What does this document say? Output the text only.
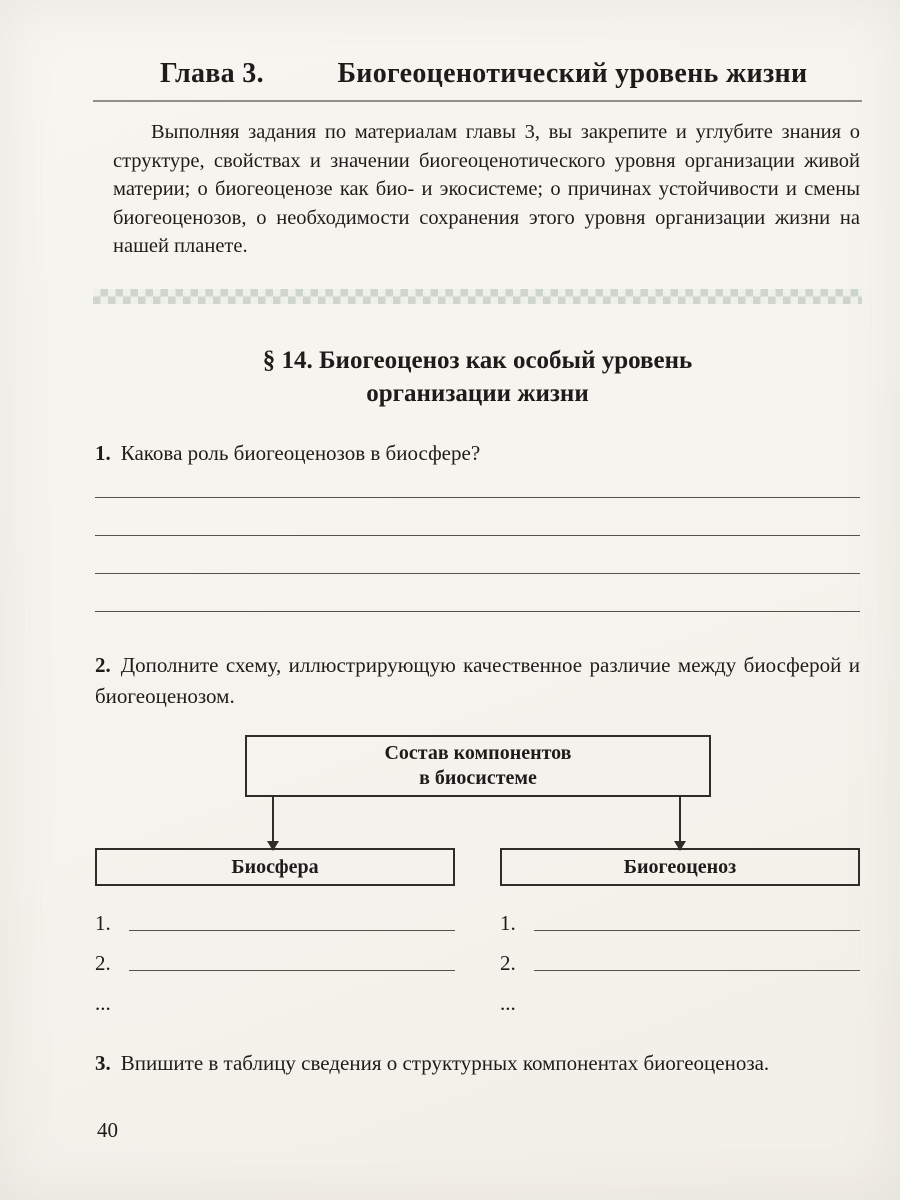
Глава 3.	Биогеоценотический уровень жизни

Выполняя задания по материалам главы 3, вы закрепите и углубите знания о структуре, свойствах и значении биогеоценотического уровня организации живой материи; о биогеоценозе как био- и экосистеме; о причинах устойчивости и смены биогеоценозов, о необходимости сохранения этого уровня организации жизни на нашей планете.

§ 14. Биогеоценоз как особый уровень
организации жизни
1. Какова роль биогеоценозов в биосфере?
2. Дополните схему, иллюстрирующую качественное различие между биосферой и биогеоценозом.
Состав компонентов
в биосистеме
Биосфера	Биогеоценоз
1.
2.
...
1.
2.
...
3. Впишите в таблицу сведения о структурных компонентах биогеоценоза.
40
